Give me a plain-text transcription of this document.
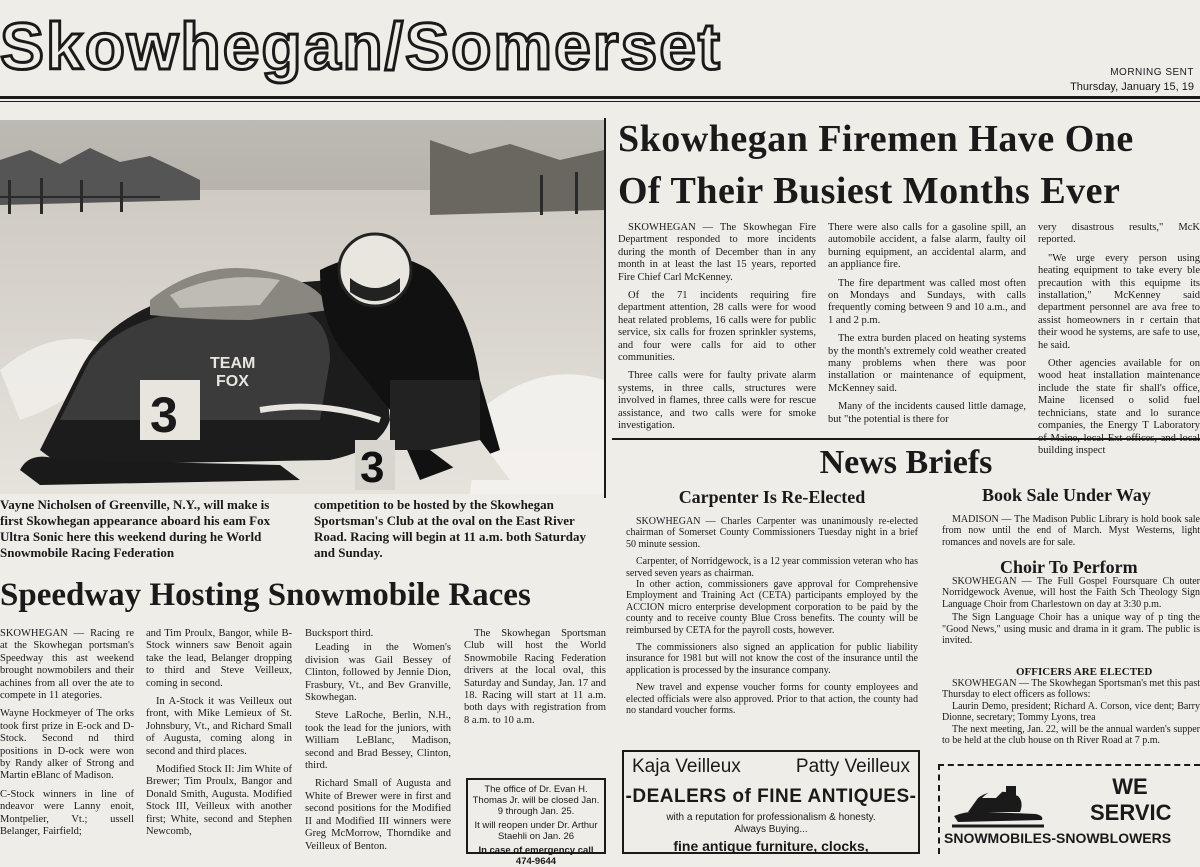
Skowhegan/Somerset	MORNING SENT
Thursday, January 15, 19
3
TEAM
FOX
3
Vayne Nicholsen of Greenville, N.Y., will make is first Skowhegan appearance aboard his eam Fox Ultra Sonic here this weekend during he World Snowmobile Racing Federation
competition to be hosted by the Skowhegan Sportsman's Club at the oval on the East River Road. Racing will begin at 11 a.m. both Saturday and Sunday.
Speedway Hosting Snowmobile Races

SKOWHEGAN — Racing re at the Skowhegan portsman's Speedway this ast weekend brought nowmobilers and their achines from all over the ate to compete in 11 ategories.

Wayne Hockmeyer of The orks took first prize in E-ock and D-Stock. Second nd third positions in D-ock were won by Randy alker of Strong and Martin eBlanc of Madison.

C-Stock winners in line of ndeavor were Lanny enoit, Montpelier, Vt.; ussell Belanger, Fairfield;

and Tim Proulx, Bangor, while B-Stock winners saw Benoit again take the lead, Belanger dropping to third and Steve Veilleux, coming in second.

In A-Stock it was Veilleux out front, with Mike Lemieux of St. Johnsbury, Vt., and Richard Small of Augusta, coming along in second and third places.

Modified Stock II: Jim White of Brewer; Tim Proulx, Bangor and Donald Smith, Augusta. Modified Stock III, Veilleux with another first; White, second and Stephen Newcomb,

Bucksport third.

Leading in the Women's division was Gail Bessey of Clinton, followed by Jennie Dion, Frasbury, Vt., and Bev Granville, Skowhegan.

Steve LaRoche, Berlin, N.H., took the lead for the juniors, with William LeBlanc, Madison, second and Brad Bessey, Clinton, third.

Richard Small of Augusta and White of Brewer were in first and second positions for the Modified II and Modified III winners were Greg McMorrow, Thorndike and Veilleux of Benton.

The Skowhegan Sportsman Club will host the World Snowmobile Racing Federation drivers at the local oval, this Saturday and Sunday, Jan. 17 and 18. Racing will start at 11 a.m. both days with registration from 8 a.m. to 10 a.m.

The office of Dr. Evan H. Thomas Jr. will be closed Jan. 9 through Jan. 25.
It will reopen under Dr. Arthur Staehli on Jan. 26
In case of emergency call 474-9644
Skowhegan Firemen Have One
Of Their Busiest Months Ever

SKOWHEGAN — The Skowhegan Fire Department responded to more incidents during the month of December than in any month in at least the last 15 years, reported Fire Chief Carl McKenney.

Of the 71 incidents requiring fire department attention, 28 calls were for wood heat related problems, 16 calls were for public service, six calls for frozen sprinkler systems, and four were calls for aid to other communities.

Three calls were for faulty private alarm systems, in three calls, structures were involved in flames, three calls were for rescue assistance, and two calls were for smoke investigation.

There were also calls for a gasoline spill, an automobile accident, a false alarm, faulty oil burning equipment, an accidental alarm, and an appliance fire.

The fire department was called most often on Mondays and Sundays, with calls frequently coming between 9 and 10 a.m., and 1 and 2 p.m.

The extra burden placed on heating systems by the month's extremely cold weather created many problems when there was poor installation or maintenance of equipment, McKenney said.

Many of the incidents caused little damage, but "the potential is there for

very disastrous results," McK reported.

"We urge every person using heating equipment to take every ble precaution with this equipme its installation," McKenney said department personnel are ava free to assist homeowners in r certain that their wood he systems, are safe to use, he said.

Other agencies available for on wood heat installation maintenance include the state fir shall's office, Maine licensed o solid fuel technicians, state and lo surance companies, the Energy T Laboratory building inspect

News Briefs
Carpenter Is Re-Elected

SKOWHEGAN — Charles Carpenter was unanimously re-elected chairman of Somerset County Commissioners Tuesday night in a brief 50 minute session.

Carpenter, of Norridgewock, is a 12 year commission veteran who has served seven years as chairman.

In other action, commissioners gave approval for Comprehensive Employment and Training Act (CETA) participants employed by the ACCION micro enterprise development corporation to be paid by the county and to receive county Blue Cross benefits. The county will be reimbursed by CETA for the payroll costs, however.

The commissioners also signed an application for public liability insurance for 1981 but will not know the cost of the insurance until the application is processed by the insurance company.

New travel and expense voucher forms for county employees and elected officials were also approved. Prior to that action, the county had no standard voucher forms.

Book Sale Under Way

MADISON — The Madison Public Library is hold book sale from now until the end of March. Myst Westerns, light romances and novels are for sale.

Choir To Perform

SKOWHEGAN — The Full Gospel Foursquare Ch outer Norridgewock Avenue, will host the Faith Sch Theology Sign Language Choir from Charlestown on day at 3:30 p.m.

The Sign Language Choir has a unique way of p ting the "Good News," using music and drama in it gram. The public is invited.

OFFICERS ARE ELECTED

SKOWHEGAN — The Skowhegan Sportsman's met this past Thursday to elect officers as follows:

Laurin Demo, president; Richard A. Corson, vice dent; Barry Dionne, secretary; Tommy Lyons, trea

The next meeting, Jan. 22, will be the annual warden's supper to be held at the club house on th River Road at 7 p.m.

Kaja Veilleux	Patty Veilleux
-DEALERS of FINE ANTIQUES-
with a reputation for professionalism & honesty.
Always Buying...
fine antique furniture, clocks,
WE
SERVIC
SNOWMOBILES-SNOWBLOWERS
